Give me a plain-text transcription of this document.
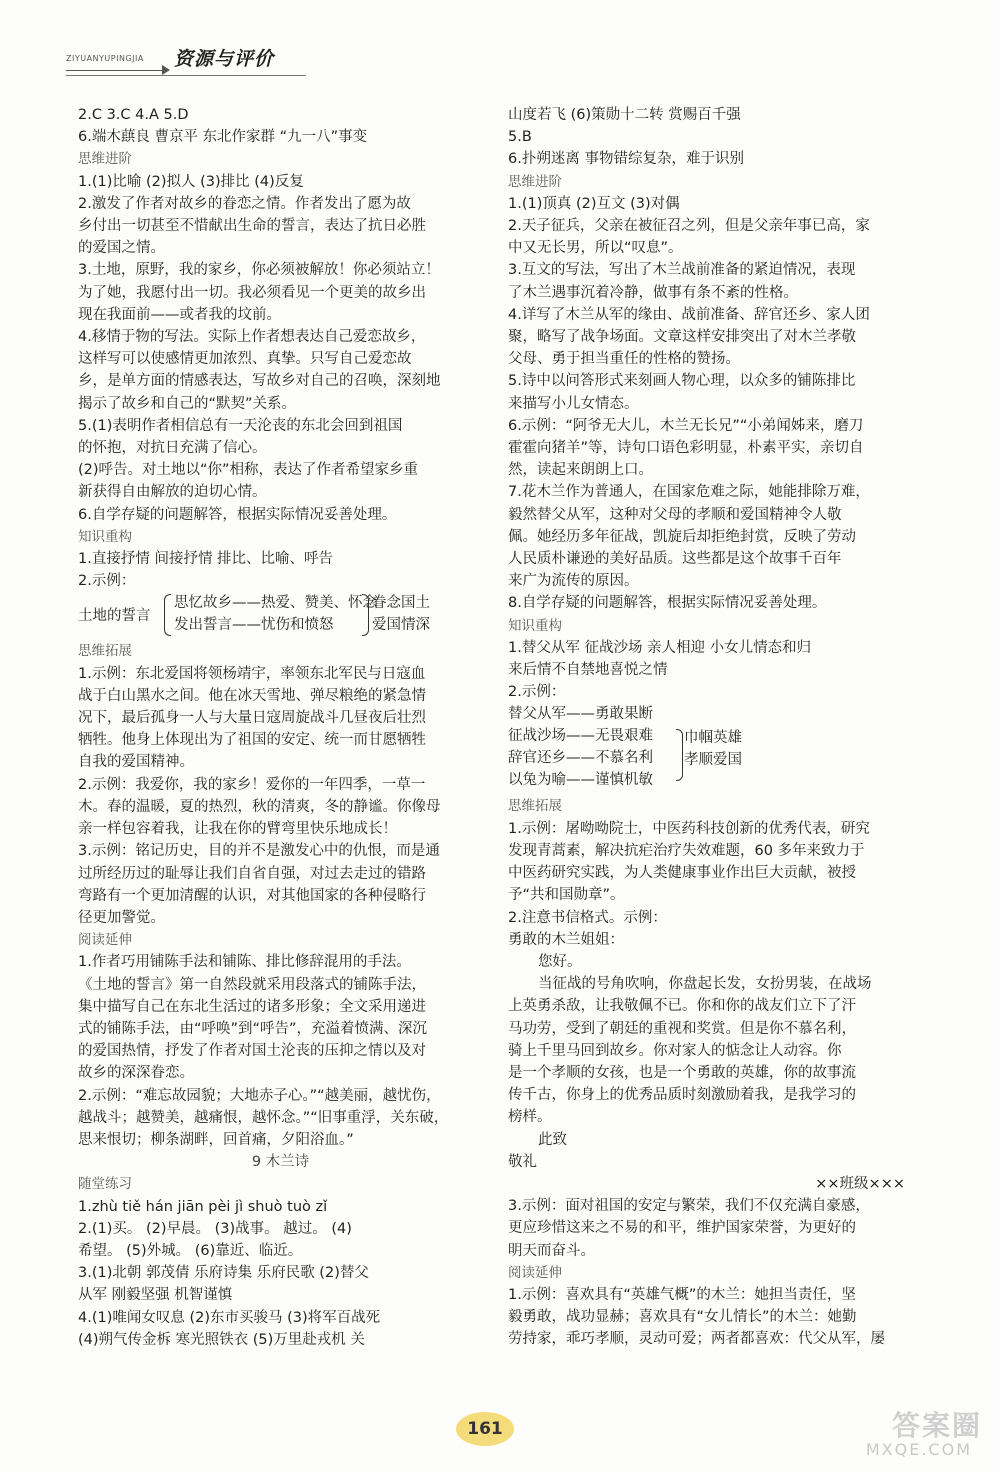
ZIYUANYUPINGJIA 资源与评价
2.C 3.C 4.A 5.D
6.端木蕻良 曹京平 东北作家群 “九一八”事变
思维进阶
1.(1)比喻 (2)拟人 (3)排比 (4)反复
2.激发了作者对故乡的眷恋之情。作者发出了愿为故
乡付出一切甚至不惜献出生命的誓言，表达了抗日必胜
的爱国之情。
3.土地，原野，我的家乡，你必须被解放！你必须站立！
为了她，我愿付出一切。我必须看见一个更美的故乡出
现在我面前——或者我的坟前。
4.移情于物的写法。实际上作者想表达自己爱恋故乡，
这样写可以使感情更加浓烈、真挚。只写自己爱恋故
乡，是单方面的情感表达，写故乡对自己的召唤，深刻地
揭示了故乡和自己的“默契”关系。
5.(1)表明作者相信总有一天沦丧的东北会回到祖国
的怀抱，对抗日充满了信心。
(2)呼告。对土地以“你”相称，表达了作者希望家乡重
新获得自由解放的迫切心情。
6.自学存疑的问题解答，根据实际情况妥善处理。
知识重构
1.直接抒情 间接抒情 排比、比喻、呼告
2.示例：
土地的誓言
思忆故乡——热爱、赞美、怀念
发出誓言——忧伤和愤怒
眷念国土
爱国情深
思维拓展
1.示例：东北爱国将领杨靖宇，率领东北军民与日寇血
战于白山黑水之间。他在冰天雪地、弹尽粮绝的紧急情
况下，最后孤身一人与大量日寇周旋战斗几昼夜后壮烈
牺牲。他身上体现出为了祖国的安定、统一而甘愿牺牲
自我的爱国精神。
2.示例：我爱你，我的家乡！爱你的一年四季，一草一
木。春的温暖，夏的热烈，秋的清爽，冬的静谧。你像母
亲一样包容着我，让我在你的臂弯里快乐地成长！
3.示例：铭记历史，目的并不是激发心中的仇恨，而是通
过所经历过的耻辱让我们自省自强，对过去走过的错路
弯路有一个更加清醒的认识，对其他国家的各种侵略行
径更加警觉。
阅读延伸
1.作者巧用铺陈手法和铺陈、排比修辞混用的手法。
《土地的誓言》第一自然段就采用段落式的铺陈手法，
集中描写自己在东北生活过的诸多形象；全文采用递进
式的铺陈手法，由“呼唤”到“呼告”，充溢着愤满、深沉
的爱国热情，抒发了作者对国土沦丧的压抑之情以及对
故乡的深深眷恋。
2.示例：“难忘故园貌；大地赤子心。”“越美丽，越忧伤，
越战斗；越赞美，越痛恨，越怀念。”“旧事重浮，关东破，
思来恨切；柳条湖畔，回首痛，夕阳浴血。”
9 木兰诗
随堂练习
1.zhù tiě hán jiān pèi jì shuò tuò zǐ
2.(1)买。 (2)早晨。 (3)战事。 越过。 (4)
希望。 (5)外城。 (6)靠近、临近。
3.(1)北朝 郭茂倩 乐府诗集 乐府民歌 (2)替父
从军 刚毅坚强 机智谨慎
4.(1)唯闻女叹息 (2)东市买骏马 (3)将军百战死
(4)朔气传金柝 寒光照铁衣 (5)万里赴戎机 关
山度若飞 (6)策勋十二转 赏赐百千强
5.B
6.扑朔迷离 事物错综复杂，难于识别
思维进阶
1.(1)顶真 (2)互文 (3)对偶
2.天子征兵，父亲在被征召之列，但是父亲年事已高，家
中又无长男，所以“叹息”。
3.互文的写法，写出了木兰战前准备的紧迫情况，表现
了木兰遇事沉着冷静，做事有条不紊的性格。
4.详写了木兰从军的缘由、战前准备、辞官还乡、家人团
聚，略写了战争场面。文章这样安排突出了对木兰孝敬
父母、勇于担当重任的性格的赞扬。
5.诗中以问答形式来刻画人物心理，以众多的铺陈排比
来描写小儿女情态。
6.示例：“阿爷无大儿，木兰无长兄”“小弟闻姊来，磨刀
霍霍向猪羊”等，诗句口语色彩明显，朴素平实，亲切自
然，读起来朗朗上口。
7.花木兰作为普通人，在国家危难之际，她能排除万难，
毅然替父从军，这种对父母的孝顺和爱国精神令人敬
佩。她经历多年征战，凯旋后却拒绝封赏，反映了劳动
人民质朴谦逊的美好品质。这些都是这个故事千百年
来广为流传的原因。
8.自学存疑的问题解答，根据实际情况妥善处理。
知识重构
1.替父从军 征战沙场 亲人相迎 小女儿情态和归
来后情不自禁地喜悦之情
2.示例：
替父从军——勇敢果断
征战沙场——无畏艰难
辞官还乡——不慕名利
以兔为喻——谨慎机敏
巾帼英雄
孝顺爱国
思维拓展
1.示例：屠呦呦院士，中医药科技创新的优秀代表，研究
发现青蒿素，解决抗疟治疗失效难题，60 多年来致力于
中医药研究实践，为人类健康事业作出巨大贡献，被授
予“共和国勋章”。
2.注意书信格式。示例：
勇敢的木兰姐姐：
您好。
当征战的号角吹响，你盘起长发，女扮男装，在战场
上英勇杀敌，让我敬佩不已。你和你的战友们立下了汗
马功劳，受到了朝廷的重视和奖赏。但是你不慕名利，
骑上千里马回到故乡。你对家人的惦念让人动容。你
是一个孝顺的女孩，也是一个勇敢的英雄，你的故事流
传千古，你身上的优秀品质时刻激励着我，是我学习的
榜样。
此致
敬礼
××班级×××
3.示例：面对祖国的安定与繁荣，我们不仅充满自豪感，
更应珍惜这来之不易的和平，维护国家荣誉，为更好的
明天而奋斗。
阅读延伸
1.示例：喜欢具有“英雄气概”的木兰：她担当责任，坚
毅勇敢，战功显赫；喜欢具有“女儿情长”的木兰：她勤
劳持家，乖巧孝顺，灵动可爱；两者都喜欢：代父从军，屡
161	答案圈
MXQE.COM
